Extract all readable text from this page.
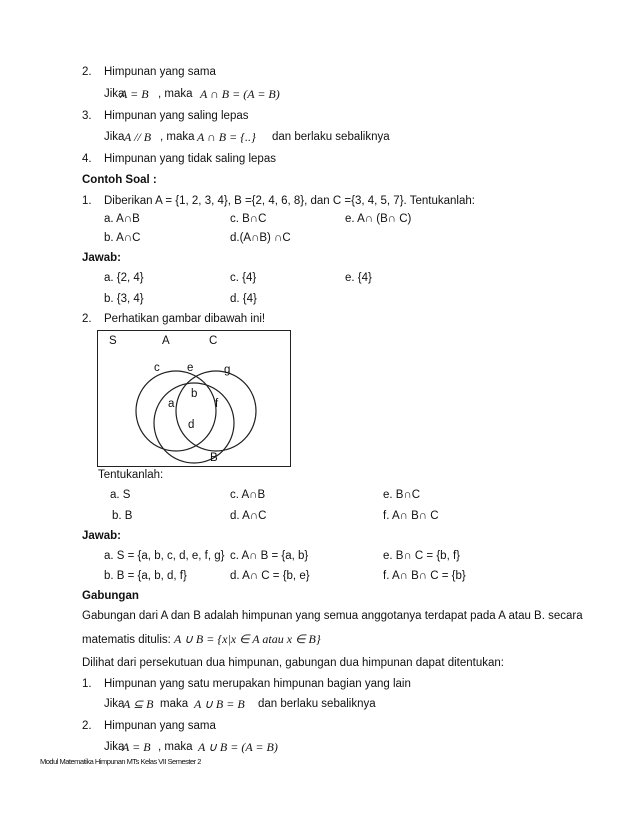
2. Himpunan yang sama
Jika
A = B , maka A ∩ B = (A = B)
3. Himpunan yang saling lepas
Jika A // B , maka A ∩ B = {..} dan berlaku sebaliknya
4. Himpunan yang tidak saling lepas
Contoh Soal :
1. Diberikan A = {1, 2, 3, 4}, B ={2, 4, 6, 8}, dan C ={3, 4, 5, 7}. Tentukanlah:
a. A∩B	c. B∩C	e. A∩ (B∩ C)
b. A∩C	d.(A∩B) ∩C
Jawab:
a. {2, 4}	c. {4}	e. {4}
b. {3, 4}	d. {4}
2. Perhatikan gambar dibawah ini!
S	A	C
c e	g
b
a	f
d
B
Tentukanlah:
a. S	c. A∩B	e. B∩C
b. B	d. A∩C	f. A∩ B∩ C
Jawab:
a. S = {a, b, c, d, e, f, g} c. A∩ B = {a, b}	e. B∩ C = {b, f}
b. B = {a, b, d, f}	d. A∩ C = {b, e}	f. A∩ B∩ C = {b}
Gabungan
Gabungan dari A dan B adalah himpunan yang semua anggotanya terdapat pada A atau B. secara
matematis ditulis: A ∪ B = {x|x ∈ A atau x ∈ B}
Dilihat dari persekutuan dua himpunan, gabungan dua himpunan dapat ditentukan:
1. Himpunan yang satu merupakan himpunan bagian yang lain
Jika
A ⊆ B maka A ∪ B = B dan berlaku sebaliknya
2. Himpunan yang sama
Jika
A = B , maka A ∪ B = (A = B)
Modul Matematika Himpunan MTs Kelas VII Semester 2
